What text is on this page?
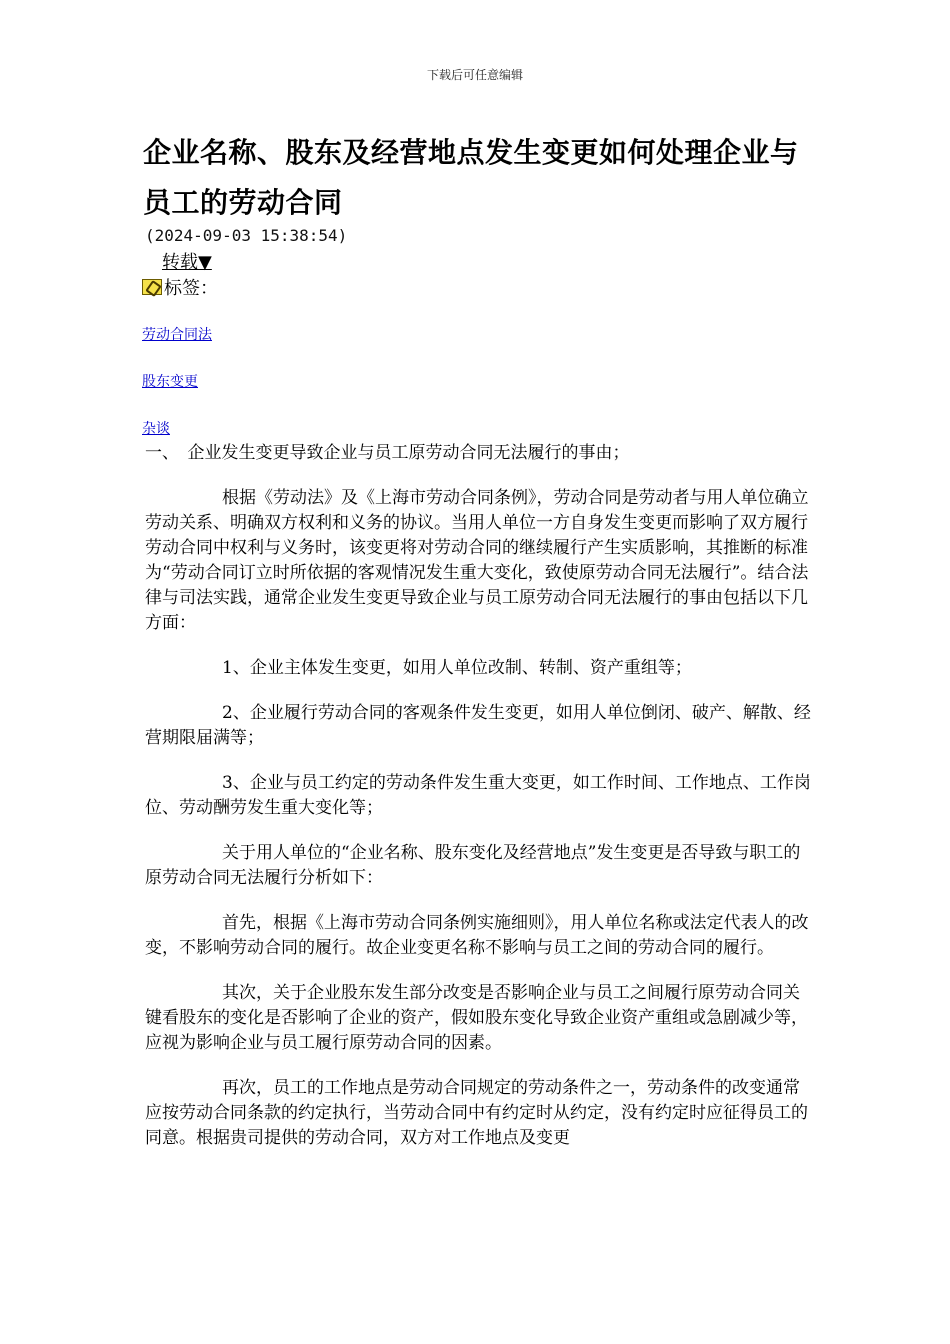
下载后可任意编辑
企业名称、股东及经营地点发生变更如何处理企业与员工的劳动合同
(2024-09-03 15:38:54)
转载▼
标签：
劳动合同法
股东变更
杂谈

一、　企业发生变更导致企业与员工原劳动合同无法履行的事由；

根据《劳动法》及《上海市劳动合同条例》，劳动合同是劳动者与用人单位确立劳动关系、明确双方权利和义务的协议。当用人单位一方自身发生变更而影响了双方履行劳动合同中权利与义务时，该变更将对劳动合同的继续履行产生实质影响，其推断的标准为“劳动合同订立时所依据的客观情况发生重大变化，致使原劳动合同无法履行”。结合法律与司法实践，通常企业发生变更导致企业与员工原劳动合同无法履行的事由包括以下几方面：

1、企业主体发生变更，如用人单位改制、转制、资产重组等；

2、企业履行劳动合同的客观条件发生变更，如用人单位倒闭、破产、解散、经营期限届满等；

3、企业与员工约定的劳动条件发生重大变更，如工作时间、工作地点、工作岗位、劳动酬劳发生重大变化等；

关于用人单位的“企业名称、股东变化及经营地点”发生变更是否导致与职工的原劳动合同无法履行分析如下：

首先，根据《上海市劳动合同条例实施细则》，用人单位名称或法定代表人的改变，不影响劳动合同的履行。故企业变更名称不影响与员工之间的劳动合同的履行。

其次，关于企业股东发生部分改变是否影响企业与员工之间履行原劳动合同关键看股东的变化是否影响了企业的资产，假如股东变化导致企业资产重组或急剧减少等，应视为影响企业与员工履行原劳动合同的因素。

再次，员工的工作地点是劳动合同规定的劳动条件之一，劳动条件的改变通常应按劳动合同条款的约定执行，当劳动合同中有约定时从约定，没有约定时应征得员工的同意。根据贵司提供的劳动合同，双方对工作地点及变更
